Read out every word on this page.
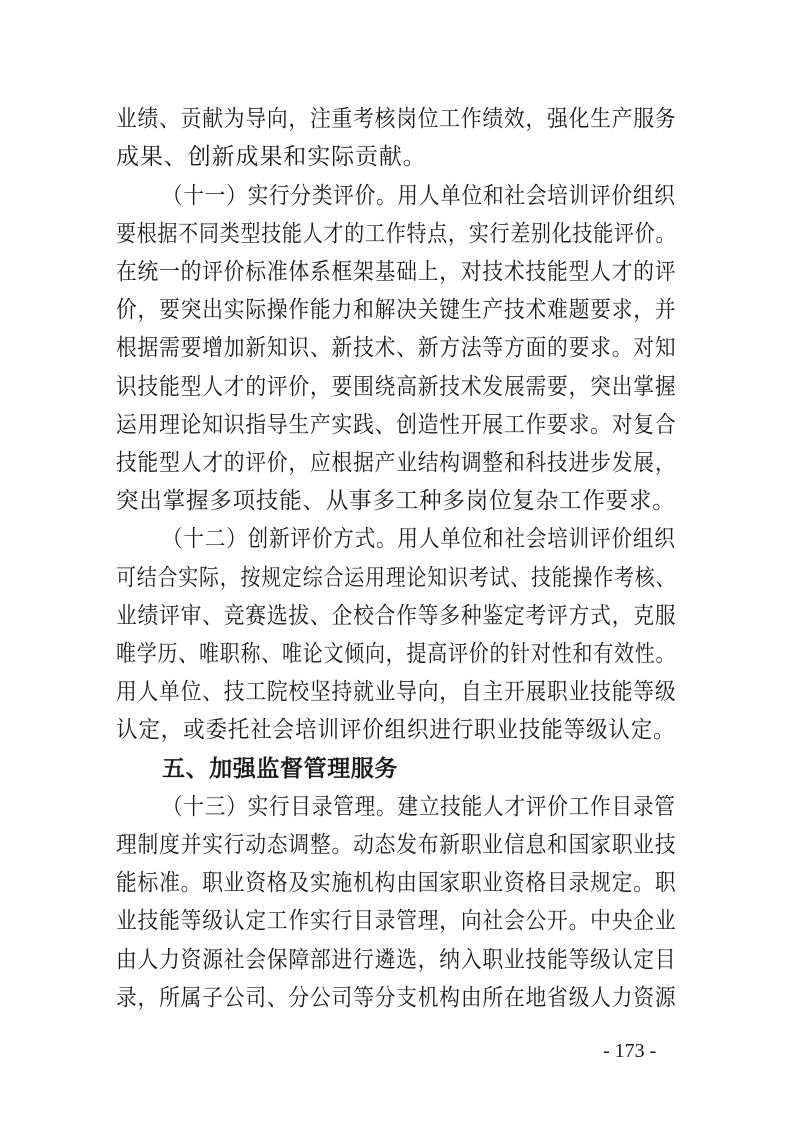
业绩、贡献为导向，注重考核岗位工作绩效，强化生产服务
成果、创新成果和实际贡献。
（十一）实行分类评价。用人单位和社会培训评价组织
要根据不同类型技能人才的工作特点，实行差别化技能评价。
在统一的评价标准体系框架基础上，对技术技能型人才的评
价，要突出实际操作能力和解决关键生产技术难题要求，并
根据需要增加新知识、新技术、新方法等方面的要求。对知
识技能型人才的评价，要围绕高新技术发展需要，突出掌握
运用理论知识指导生产实践、创造性开展工作要求。对复合
技能型人才的评价，应根据产业结构调整和科技进步发展，
突出掌握多项技能、从事多工种多岗位复杂工作要求。
（十二）创新评价方式。用人单位和社会培训评价组织
可结合实际，按规定综合运用理论知识考试、技能操作考核、
业绩评审、竞赛选拔、企校合作等多种鉴定考评方式，克服
唯学历、唯职称、唯论文倾向，提高评价的针对性和有效性。
用人单位、技工院校坚持就业导向，自主开展职业技能等级
认定，或委托社会培训评价组织进行职业技能等级认定。
五、加强监督管理服务
（十三）实行目录管理。建立技能人才评价工作目录管
理制度并实行动态调整。动态发布新职业信息和国家职业技
能标准。职业资格及实施机构由国家职业资格目录规定。职
业技能等级认定工作实行目录管理，向社会公开。中央企业
由人力资源社会保障部进行遴选，纳入职业技能等级认定目
录，所属子公司、分公司等分支机构由所在地省级人力资源
- 173 -
